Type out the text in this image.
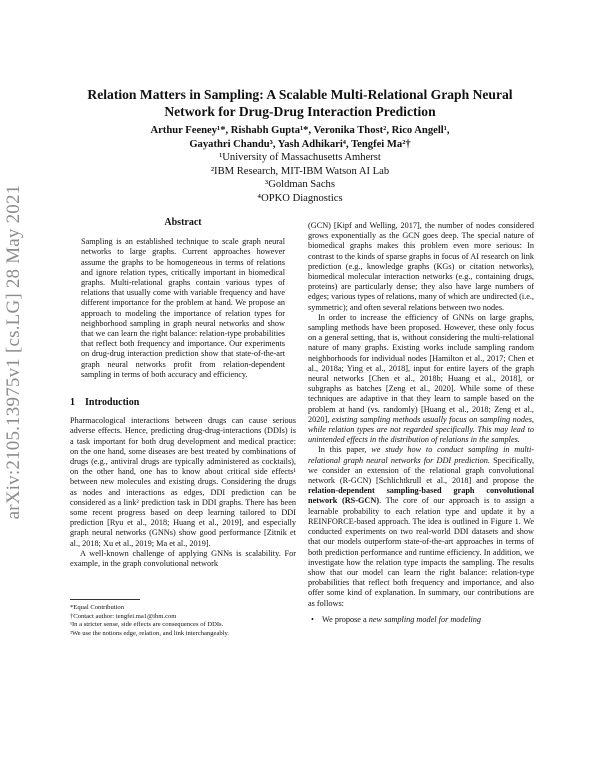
arXiv:2105.13975v1 [cs.LG] 28 May 2021
Relation Matters in Sampling: A Scalable Multi-Relational Graph Neural
Network for Drug-Drug Interaction Prediction
Arthur Feeney¹*, Rishabh Gupta¹*, Veronika Thost², Rico Angell¹,
Gayathri Chandu³, Yash Adhikari⁴, Tengfei Ma²†

¹University of Massachusetts Amherst

²IBM Research, MIT-IBM Watson AI Lab

³Goldman Sachs

⁴OPKO Diagnostics

Abstract

Sampling is an established technique to scale graph neural networks to large graphs. Current approaches however assume the graphs to be homogeneous in terms of relations and ignore relation types, critically important in biomedical graphs. Multi-relational graphs contain various types of relations that usually come with variable frequency and have different importance for the problem at hand. We propose an approach to modeling the importance of relation types for neighborhood sampling in graph neural networks and show that we can learn the right balance: relation-type probabilities that reflect both frequency and importance. Our experiments on drug-drug interaction prediction show that state-of-the-art graph neural networks profit from relation-dependent sampling in terms of both accuracy and efficiency.

1 Introduction

Pharmacological interactions between drugs can cause serious adverse effects. Hence, predicting drug-drug-interactions (DDIs) is a task important for both drug development and medical practice: on the one hand, some diseases are best treated by combinations of drugs (e.g., antiviral drugs are typically administered as cocktails), on the other hand, one has to know about critical side effects¹ between new molecules and existing drugs. Considering the drugs as nodes and interactions as edges, DDI prediction can be considered as a link² prediction task in DDI graphs. There has been some recent progress based on deep learning tailored to DDI prediction [Ryu et al., 2018; Huang et al., 2019], and especially graph neural networks (GNNs) show good performance [Zitnik et al., 2018; Xu et al., 2019; Ma et al., 2019].

A well-known challenge of applying GNNs is scalability. For example, in the graph convolutional network

*Equal Contribution
†Contact author: tengfei.ma1@ibm.com
¹In a stricter sense, side effects are consequences of DDIs.
²We use the notions edge, relation, and link interchangeably.

(GCN) [Kipf and Welling, 2017], the number of nodes considered grows exponentially as the GCN goes deep. The special nature of biomedical graphs makes this problem even more serious: In contrast to the kinds of sparse graphs in focus of AI research on link prediction (e.g., knowledge graphs (KGs) or citation networks), biomedical molecular interaction networks (e.g., containing drugs, proteins) are particularly dense; they also have large numbers of edges; various types of relations, many of which are undirected (i.e., symmetric); and often several relations between two nodes.

In order to increase the efficiency of GNNs on large graphs, sampling methods have been proposed. However, these only focus on a general setting, that is, without considering the multi-relational nature of many graphs. Existing works include sampling random neighborhoods for individual nodes [Hamilton et al., 2017; Chen et al., 2018a; Ying et al., 2018], input for entire layers of the graph neural networks [Chen et al., 2018b; Huang et al., 2018], or subgraphs as batches [Zeng et al., 2020]. While some of these techniques are adaptive in that they learn to sample based on the problem at hand (vs. randomly) [Huang et al., 2018; Zeng et al., 2020], existing sampling methods usually focus on sampling nodes, while relation types are not regarded specifically. This may lead to unintended effects in the distribution of relations in the samples.

In this paper, we study how to conduct sampling in multi-relational graph neural networks for DDI prediction. Specifically, we consider an extension of the relational graph convolutional network (R-GCN) [Schlichtkrull et al., 2018] and propose the relation-dependent sampling-based graph convolutional network (RS-GCN). The core of our approach is to assign a learnable probability to each relation type and update it by a REINFORCE-based approach. The idea is outlined in Figure 1. We conducted experiments on two real-world DDI datasets and show that our models outperform state-of-the-art approaches in terms of both prediction performance and runtime efficiency. In addition, we investigate how the relation type impacts the sampling. The results show that our model can learn the right balance: relation-type probabilities that reflect both frequency and importance, and also offer some kind of explanation. In summary, our contributions are as follows:

• We propose a new sampling model for modeling
